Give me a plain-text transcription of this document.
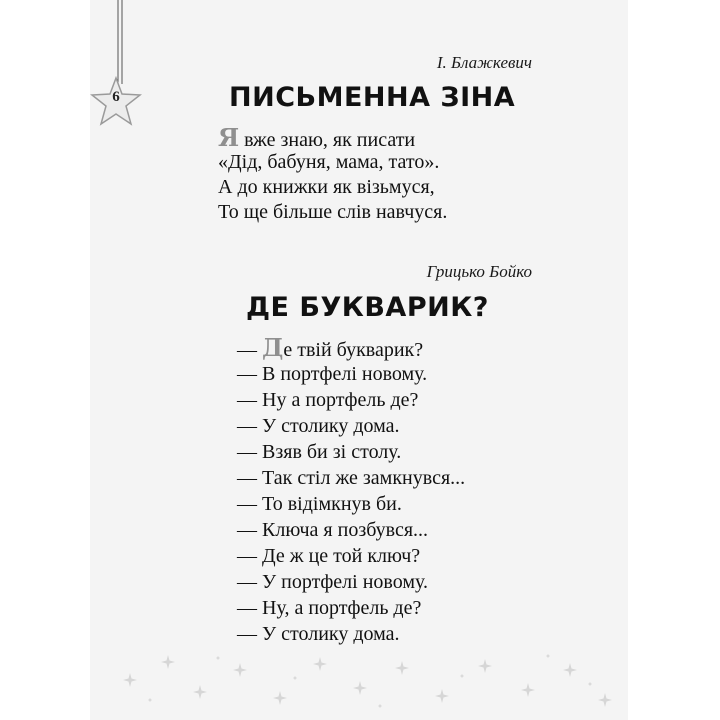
6
І. Блажкевич
ПИСЬМЕННА ЗІНА
Я вже знаю, як писати
«Дід, бабуня, мама, тато».
А до книжки як візьмуся,
То ще більше слів навчуся.
Грицько Бойко
ДЕ БУКВАРИК?
— Де твій букварик?
— В портфелі новому.
— Ну а портфель де?
— У столику дома.
— Взяв би зі столу.
— Так стіл же замкнувся...
— То відімкнув би.
— Ключа я позбувся...
— Де ж це той ключ?
— У портфелі новому.
— Ну, а портфель де?
— У столику дома.
